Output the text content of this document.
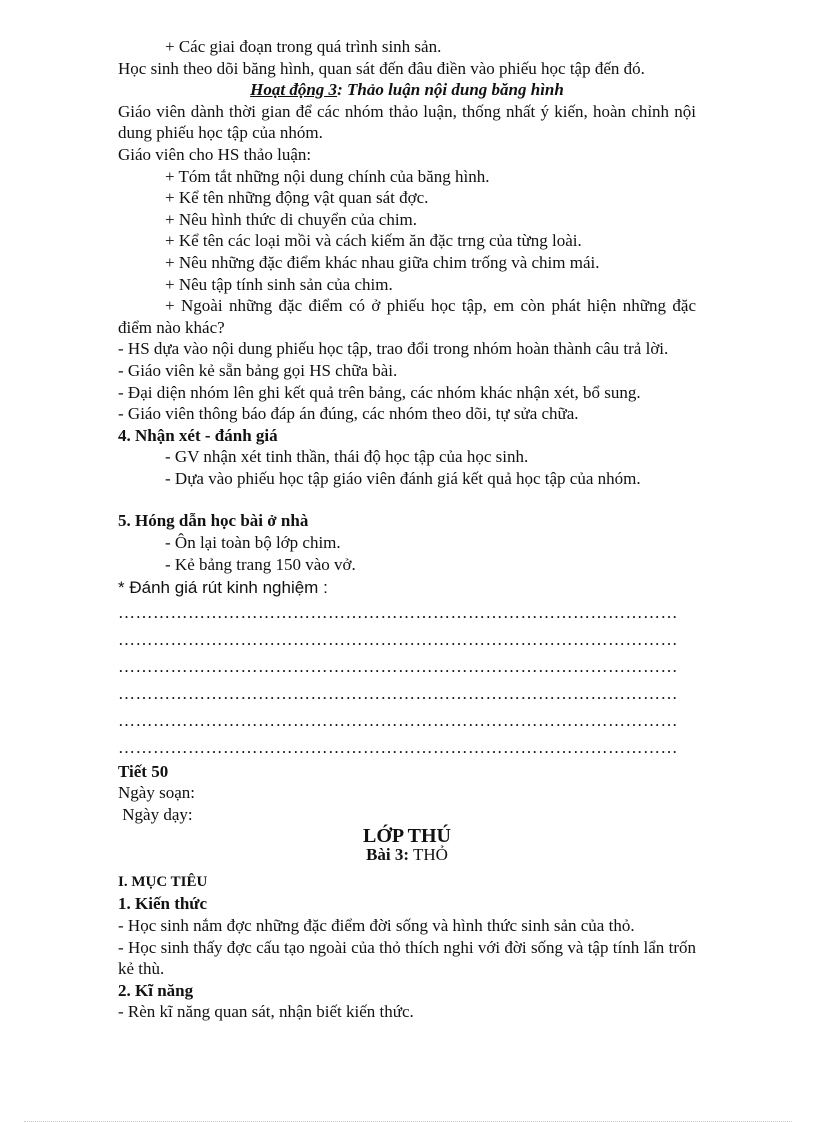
+ Các giai đoạn trong quá trình sinh sản.
Học sinh theo dõi băng hình, quan sát đến đâu điền vào phiếu học tập đến đó.
Hoạt động 3: Thảo luận nội dung băng hình
Giáo viên dành thời gian để các nhóm thảo luận, thống nhất ý kiến, hoàn chỉnh nội dung phiếu học tập của nhóm.
Giáo viên cho HS thảo luận:
+ Tóm tắt những nội dung chính của băng hình.
+ Kể tên những động vật quan sát đợc.
+ Nêu hình thức di chuyển của chim.
+ Kể tên các loại mồi và cách kiếm ăn đặc trng của từng loài.
+ Nêu những đặc điểm khác nhau giữa chim trống và chim mái.
+ Nêu tập tính sinh sản của chim.
+ Ngoài những đặc điểm có ở phiếu học tập, em còn phát hiện những đặc điểm nào khác?
- HS dựa vào nội dung phiếu học tập, trao đổi trong nhóm hoàn thành câu trả lời.
- Giáo viên kẻ sẵn bảng gọi HS chữa bài.
- Đại diện nhóm lên ghi kết quả trên bảng, các nhóm khác nhận xét, bổ sung.
- Giáo viên thông báo đáp án đúng, các nhóm theo dõi, tự sửa chữa.
4. Nhận xét - đánh giá
- GV nhận xét tinh thần, thái độ học tập của học sinh.
- Dựa vào phiếu học tập giáo viên đánh giá kết quả học tập của nhóm.
5. Hóng dẫn học bài ở nhà
- Ôn lại toàn bộ lớp chim.
- Kẻ bảng trang 150 vào vở.
* Đánh giá rút kinh nghiệm :
……………………………………………………………………………………
……………………………………………………………………………………
……………………………………………………………………………………
……………………………………………………………………………………
……………………………………………………………………………………
……………………………………………………………………………………
Tiết 50
Ngày soạn:
Ngày dạy:
LỚP THÚ
Bài 3: THỎ
I. MỤC TIÊU
1. Kiến thức
- Học sinh nắm đợc những đặc điểm đời sống và hình thức sinh sản của thỏ.
- Học sinh thấy đợc cấu tạo ngoài của thỏ thích nghi với đời sống và tập tính lẩn trốn kẻ thù.
2. Kĩ năng
- Rèn kĩ năng quan sát, nhận biết kiến thức.
